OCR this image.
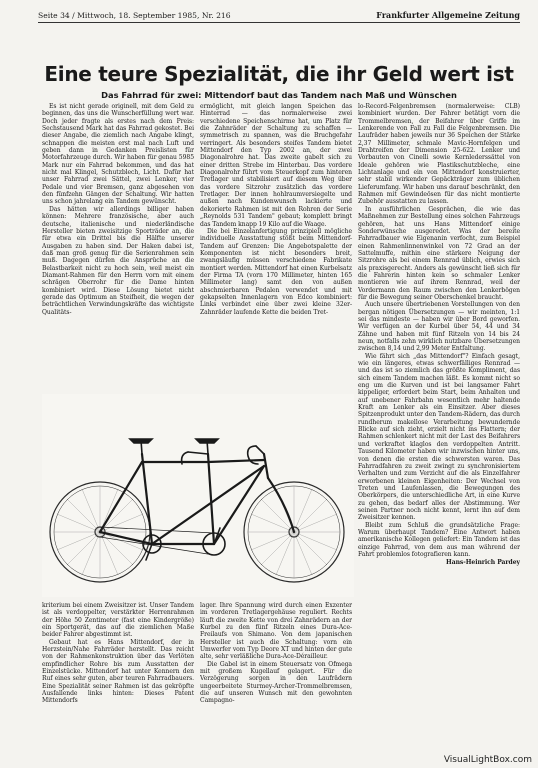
Seite 34 / Mittwoch, 18. September 1985, Nr. 216	Frankfurter Allgemeine Zeitung
Eine teure Spezialität, die ihr Geld wert ist
Das Fahrrad für zwei: Mittendorf baut das Tandem nach Maß und Wünschen

Es ist nicht gerade originell, mit dem Geld zu beginnen, das uns die Wunscherfüllung wert war. Doch jeder fragte als erstes nach dem Preis: Sechstausend Mark hat das Fahrrad gekostet. Bei dieser Angabe, die ziemlich nach Angabe klingt, schnappen die meisten erst mal nach Luft und geben dann in Gedanken Preislisten für Motorfahrzeuge durch. Wir haben für genau 5985 Mark nur ein Fahrrad bekommen, und das hat nicht mal Klingel, Schutzblech, Licht. Dafür hat unser Fahrrad zwei Sättel, zwei Lenker, vier Pedale und vier Bremsen, ganz abgesehen von den fünfzehn Gängen der Schaltung. Wir hatten uns schon jahrelang ein Tandem gewünscht.

Das hätten wir allerdings billiger haben können: Mehrere französische, aber auch deutsche, italienische und niederländische Hersteller bieten zweisitzige Sporträder an, die für etwa ein Drittel bis die Hälfte unserer Ausgaben zu haben sind. Der Haken dabei ist, daß man groß genug für die Serienrahmen sein muß. Dagegen dürfen die Ansprüche an die Belastbarkeit nicht zu hoch sein, weil meist ein Diamant-Rahmen für den Herrn vorn mit einem schrägen Oberrohr für die Dame hinten kombiniert wird. Diese Lösung bietet nicht gerade das Optimum an Steifheit, die wegen der beträchtlichen Verwindungskräfte das wichtigste Qualitäts-

ermöglicht, mit gleich langen Speichen das Hinterrad — das normalerweise zwei verschiedene Speichenschirme hat, um Platz für die Zahnräder der Schaltung zu schaffen — symmetrisch zu spannen, was die Bruchgefahr verringert. Als besonders steifes Tandem bietet Mittendorf den Typ 2002 an, der zwei Diagonalrohre hat. Das zweite gabelt sich zu einer dritten Strebe im Hinterbau. Das vordere Diagonalrohr führt vom Steuerkopf zum hinteren Tretlager und stabilisiert auf diesem Weg über das vordere Sitzrohr zusätzlich das vordere Tretlager. Der innen hohlraumversiegelte und außen nach Kundenwunsch lackierte und dekorierte Rahmen ist mit den Rohren der Serie „Reynolds 531 Tandem" gebaut; komplett bringt das Tandem knapp 19 Kilo auf die Waage.

Die bei Einzelanfertigung prinzipiell mögliche individuelle Ausstattung stößt beim Mittendorf-Tandem auf Grenzen: Die Angebotspalette der Komponenten ist nicht besonders breit, zwangsläufig müssen verschiedene Fabrikate montiert werden. Mittendorf hat einen Kurbelsatz der Firma TA (vorn 170 Millimeter, hinten 165 Millimeter lang) samt den von außen abschmierbaren Pedalen verwendet und mit gekapselten Innenlagern von Edco kombiniert: Links verbindet eine über zwei kleine 32er-Zahnräder laufende Kette die beiden Tret-

kriterium bei einem Zweisitzer ist. Unser Tandem ist als verdoppelter, verstärkter Herrenrahmen der Höhe 50 Zentimeter (fast eine Kindergröße) ein Sportgerät, das auf die ziemlichen Maße beider Fahrer abgestimmt ist.

Gebaut hat es Hans Mittendorf, der in Herzstein/Nahe Fahrräder herstellt. Das reicht von der Rahmenkonstruktion über das Verlöten empfindlicher Rohre bis zum Ausstatten der Einzelstücke. Mittendorf hat unter Kennern den Ruf eines sehr guten, aber teuren Fahrradbauers. Eine Spezialität seiner Rahmen ist das gekröpfte Ausfallende links hinten: Dieses Patent Mittendorfs

lager. Ihre Spannung wird durch einen Exzenter im vorderen Tretlagergehäuse reguliert. Rechts läuft die zweite Kette von drei Zahnrädern an der Kurbel zu den fünf Ritzeln eines Dura-Ace-Freilaufs von Shimano. Von dem japanischen Hersteller ist auch die Schaltung: vorn ein Umwerfer vom Typ Deore XT und hinten der gute alte, sehr verläßliche Dura-Ace-Dérailleur.

Die Gabel ist in einem Steuersatz von Ofmega mit großem Kugellauf gelagert. Für die Verzögerung sorgen in den Laufrädern ungeerbeitete Sturmey-Archer-Trommelbremsen, die auf unseren Wunsch mit den gewohnten Campagno-

lo-Record-Felgenbremsen (normalerweise: CLB) kombiniert wurden. Der Fahrer betätigt vorn die Trommelbremsen, der Beifahrer über Griffe im Lenkerende von Fall zu Fall die Felgenbremsen. Die Laufräder haben jeweils nur 36 Speichen der Stärke 2,37 Millimeter, schmale Mavic-Hornfelgen und Drahtreifen der Dimension 25-622. Lenker und Vorbauten von Cinelli sowie Kernlederssättel von Ideale gehören wie Plastikschutzbleche, eine Lichtanlage und ein von Mittendorf konstruierter, sehr stabil wirkender Gepäckträger zum üblichen Lieferumfang. Wir haben uns darauf beschränkt, den Rahmen mit Gewindeösen für das nicht montierte Zubehör ausstatten zu lassen.

In ausführlichen Gesprächen, die wie das Maßnehmen zur Bestellung eines solchen Fahrzeugs gehören, hat uns Hans Mittendorf einige Sonderwünsche ausgeredet. Was der bereite Fahrradbauer wie Eigenanin verfocht, zum Beispiel einen Rahmenlinnenwinkel von 72 Grad an der Sattelmuffe, mithin eine stärkere Neigung der Sitzrohre als bei einem Rennrad üblich, erwies sich als praxisgerecht. Anders als gewünscht ließ sich für die Fahrerin hinten kein so schmaler Lenker montieren wie auf ihrem Rennrad, weil der Vordermann den Raum zwischen den Lenkerbögen für die Bewegung seiner Oberschenkel braucht.

Auch unsere übertriebenen Vorstellungen von den bergan nötigen Übersetzungen — wir meinten, 1:1 sei das mindeste — haben wir über Bord geworfen. Wir verfügen an der Kurbel über 54, 44 und 34 Zähne und haben mit fünf Ritzeln von 14 bis 24 neun, notfalls zehn wirklich nutzbare Übersetzungen zwischen 8,14 und 2,99 Meter Entfaltung.

Wie fährt sich „das Mittendorf"? Einfach gesagt, wie ein längeres, etwas schwerfälliges Rennrad — und das ist so ziemlich das größte Kompliment, das sich einem Tandem machen läßt. Es kommt nicht so eng um die Kurven und ist bei langsamer Fahrt kippeliger, erfordert beim Start, beim Anhalten und auf unebener Fahrbahn wesentlich mehr haltende Kraft am Lenker als ein Einsitzer. Aber dieses Spitzenprodukt unter den Tandem-Rädern, das durch rundherum makellose Verarbeitung bewundernde Blicke auf sich zieht, erzielt nicht ins Flattern; der Rahmen schlenkert nicht mit der Last des Beifahrers und verkraftet klaglos den verdoppelten Antritt. Tausend Kilometer haben wir inzwischen hinter uns, von denen die ersten die schwersten waren. Das Fahrradfahren zu zweit zwingt zu synchronisiertem Verhalten und zum Verzicht auf die als Einzelfahrer erworbenen kleinen Eigenheiten: Der Wechsel von Treten und Laufenlassen, die Bewegungen des Oberkörpers, die unterschiedliche Art, in eine Kurve zu gehen, das bedarf alles der Abstimmung. Wer seinen Partner noch nicht kennt, lernt ihn auf dem Zweisitzer kennen.

Bleibt zum Schluß die grundsätzliche Frage: Warum überhaupt Tandem? Eine Antwort haben amerikanische Kollegen geliefert: Ein Tandem ist das einzige Fahrrad, von dem aus man während der Fahrt problemlos fotografieren kann.

Hans-Heinrich Pardey
VisualLightBox.com
